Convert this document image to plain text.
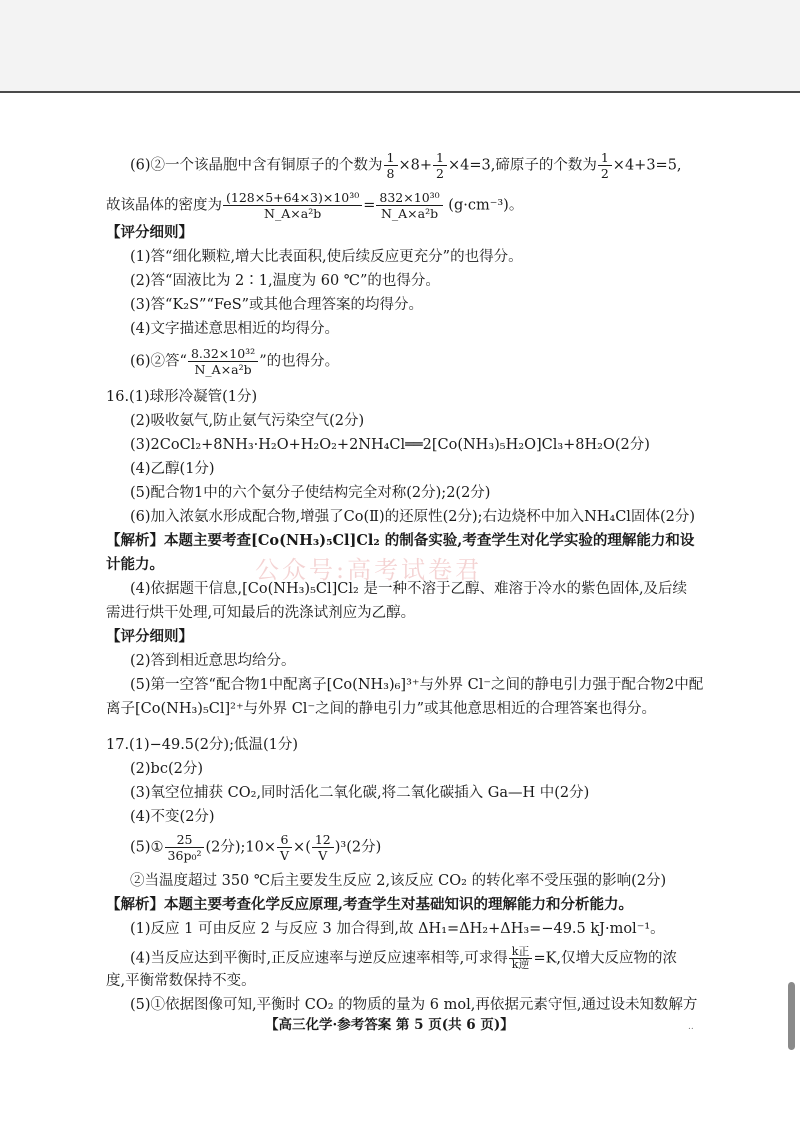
(6)②一个该晶胞中含有铜原子的个数为 $\frac{1}{8} \times 8+ \frac{1}{2} \times 4=3$,碲原子的个数为 $\frac{1}{2} \times 4+3=5$,
故该晶体的密度为 $\frac{\text{(128×5+64×3)×10³⁰}}{\text{N\_A×a²b}} = \frac{\text{832×10³⁰}}{\text{N\_A×a²b}} (g\cdot cm^{-3})$。
【评分细则】
(1)答“细化颗粒,增大比表面积,使后续反应更充分”的也得分。
(2)答“固液比为 2∶1,温度为 60 ℃”的也得分。
(3)答“K₂S”“FeS”或其他合理答案的均得分。
(4)文字描述意思相近的均得分。
(6)②答“ $\frac{\text{8.32×10³²}}{\text{N\_A×a²b}}$ ”的也得分。
16.(1)球形冷凝管(1分)
(2)吸收氨气,防止氨气污染空气(2分)
(3)2CoCl₂+8NH₃·H₂O+H₂O₂+2NH₄Cl══2[Co(NH₃)₅H₂O]Cl₃+8H₂O(2分)
(4)乙醇(1分)
(5)配合物1中的六个氨分子使结构完全对称(2分);2(2分)
(6)加入浓氨水形成配合物,增强了Co(Ⅱ)的还原性(2分);右边烧杯中加入NH₄Cl固体(2分)
【解析】本题主要考查[Co(NH₃)₅Cl]Cl₂ 的制备实验,考查学生对化学实验的理解能力和设
计能力。
(4)依据题干信息,[Co(NH₃)₅Cl]Cl₂ 是一种不溶于乙醇、难溶于冷水的紫色固体,及后续
需进行烘干处理,可知最后的洗涤试剂应为乙醇。
【评分细则】
(2)答到相近意思均给分。
(5)第一空答“配合物1中配离子[Co(NH₃)₆]³⁺与外界 Cl⁻之间的静电引力强于配合物2中配
离子[Co(NH₃)₅Cl]²⁺与外界 Cl⁻之间的静电引力”或其他意思相近的合理答案也得分。
17.(1)−49.5(2分);低温(1分)
(2)bc(2分)
(3)氧空位捕获 CO₂,同时活化二氧化碳,将二氧化碳插入 Ga—H 中(2分)
(4)不变(2分)
(5)① $\frac{25}{\text{36p₀²}} (2$分);10× $\frac{6}{V}$ ×( $\frac{12}{V} )^3(2$分)
②当温度超过 350 ℃后主要发生反应 2,该反应 CO₂ 的转化率不受压强的影响(2分)
【解析】本题主要考查化学反应原理,考查学生对基础知识的理解能力和分析能力。
(1)反应 1 可由反应 2 与反应 3 加合得到,故 ΔH₁=ΔH₂+ΔH₃=−49.5 kJ·mol⁻¹。
(4)当反应达到平衡时,正反应速率与逆反应速率相等,可求得 $\frac{\text{k正}}{\text{k逆}} =K$,仅增大反应物的浓
度,平衡常数保持不变。
(5)①依据图像可知,平衡时 CO₂ 的物质的量为 6 mol,再依据元素守恒,通过设未知数解方
公众号:高考试卷君
【高三化学·参考答案 第 5 页(共 6 页)】	..
